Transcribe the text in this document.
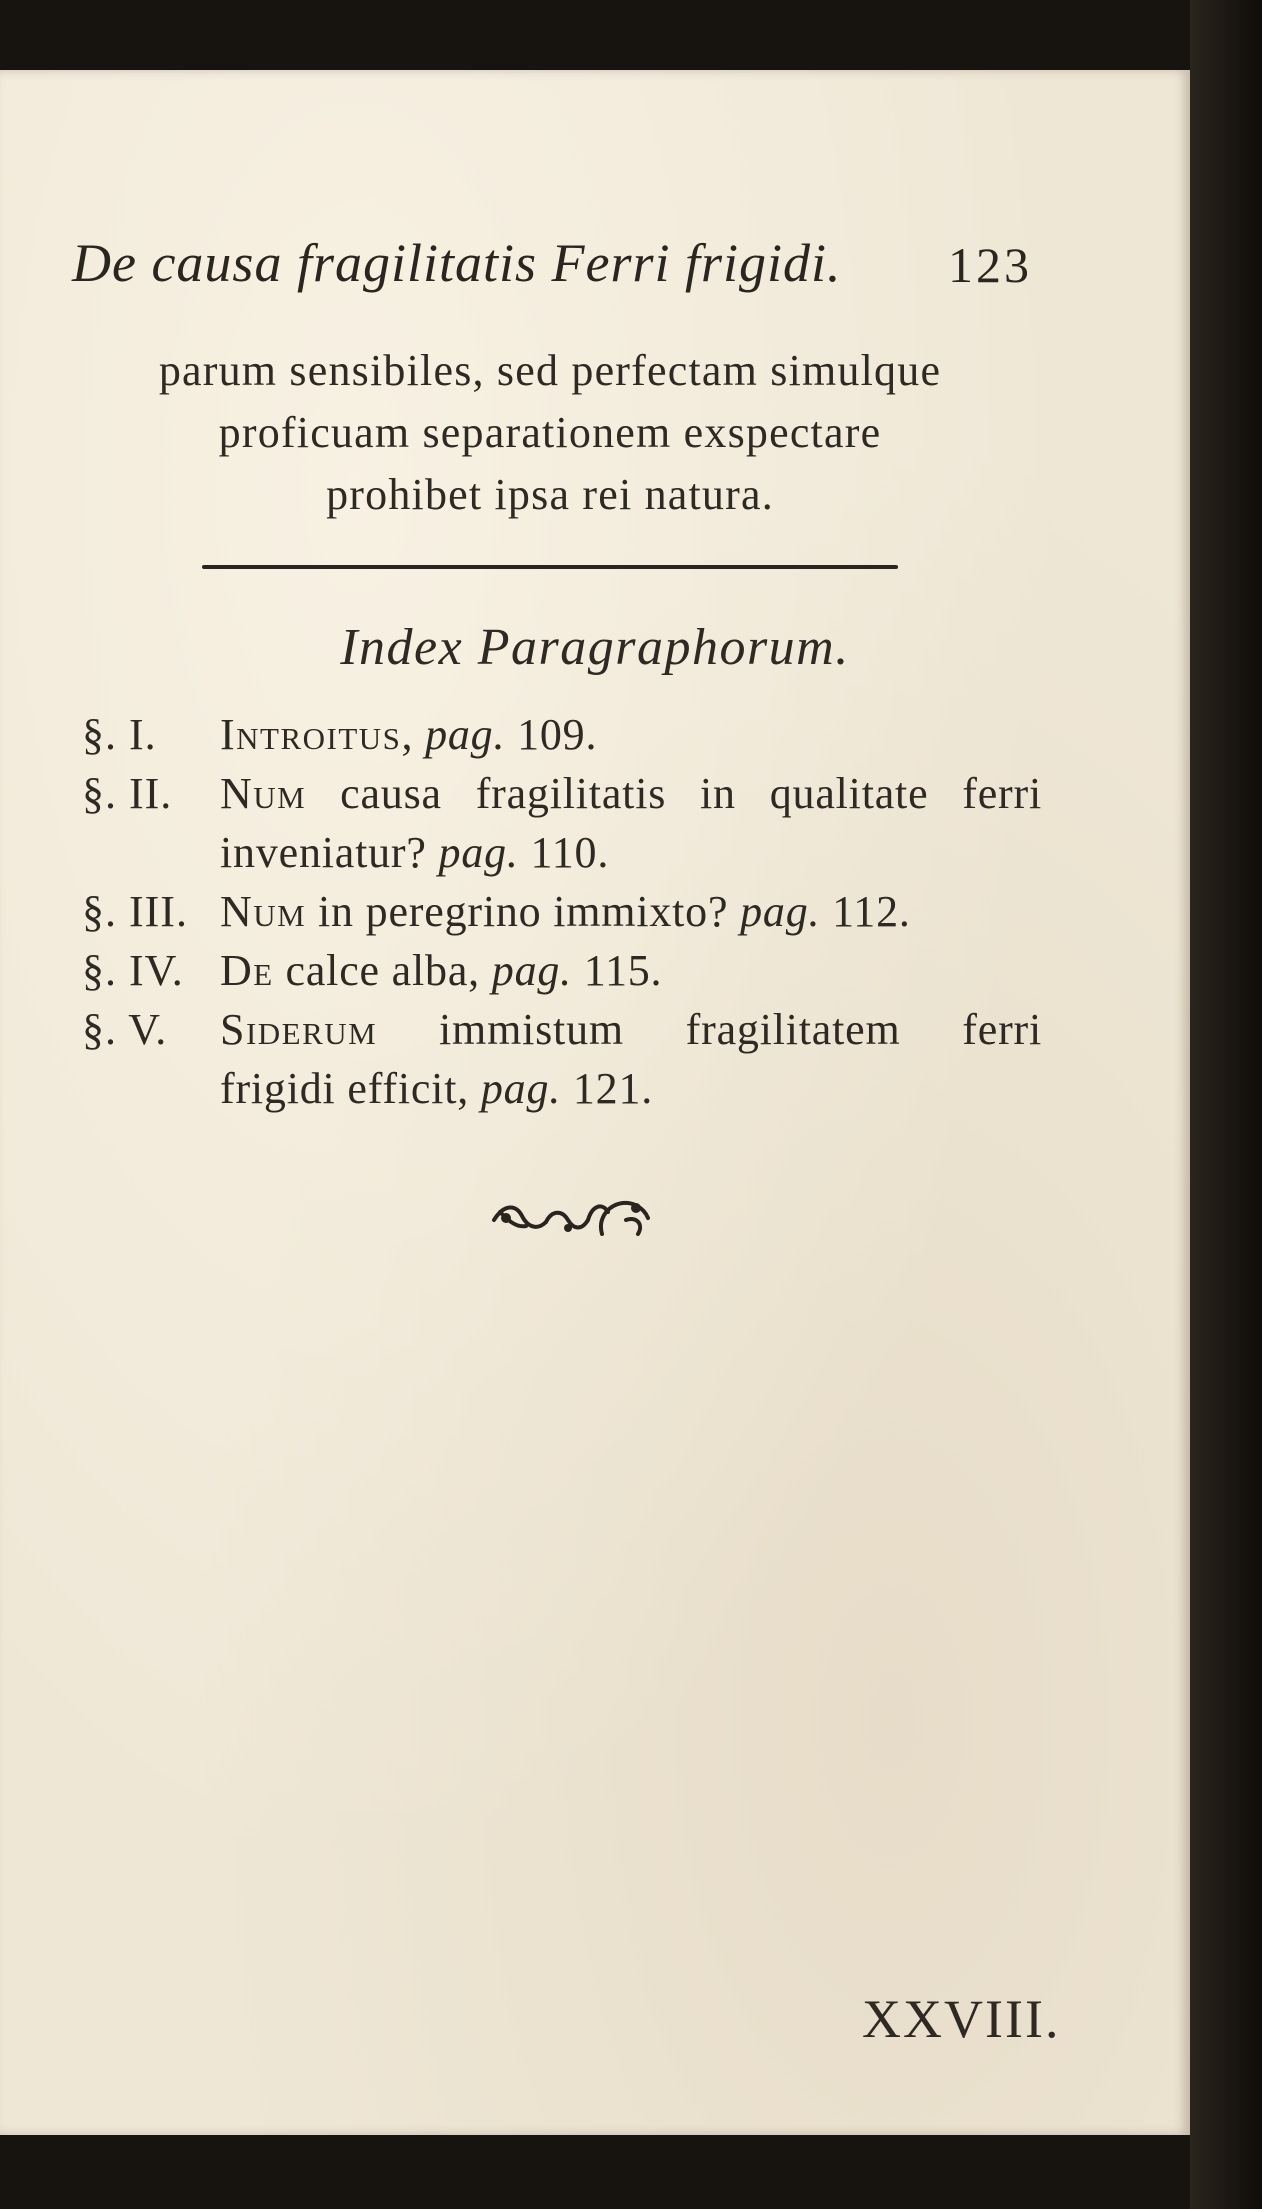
De causa fragilitatis Ferri frigidi. 123
parum sensibiles, sed perfectam simulque
proficuam separationem exspectare
prohibet ipsa rei natura.
Index Paragraphorum.
§. I.	Introitus, pag. 109.
§. II.	Num causa fragilitatis in qualitate ferri
inveniatur? pag. 110.
§. III. Num in peregrino immixto? pag. 112.
§. IV. De calce alba, pag. 115.
§. V.	Siderum immistum fragilitatem ferri
frigidi efficit, pag. 121.
XXVIII.
